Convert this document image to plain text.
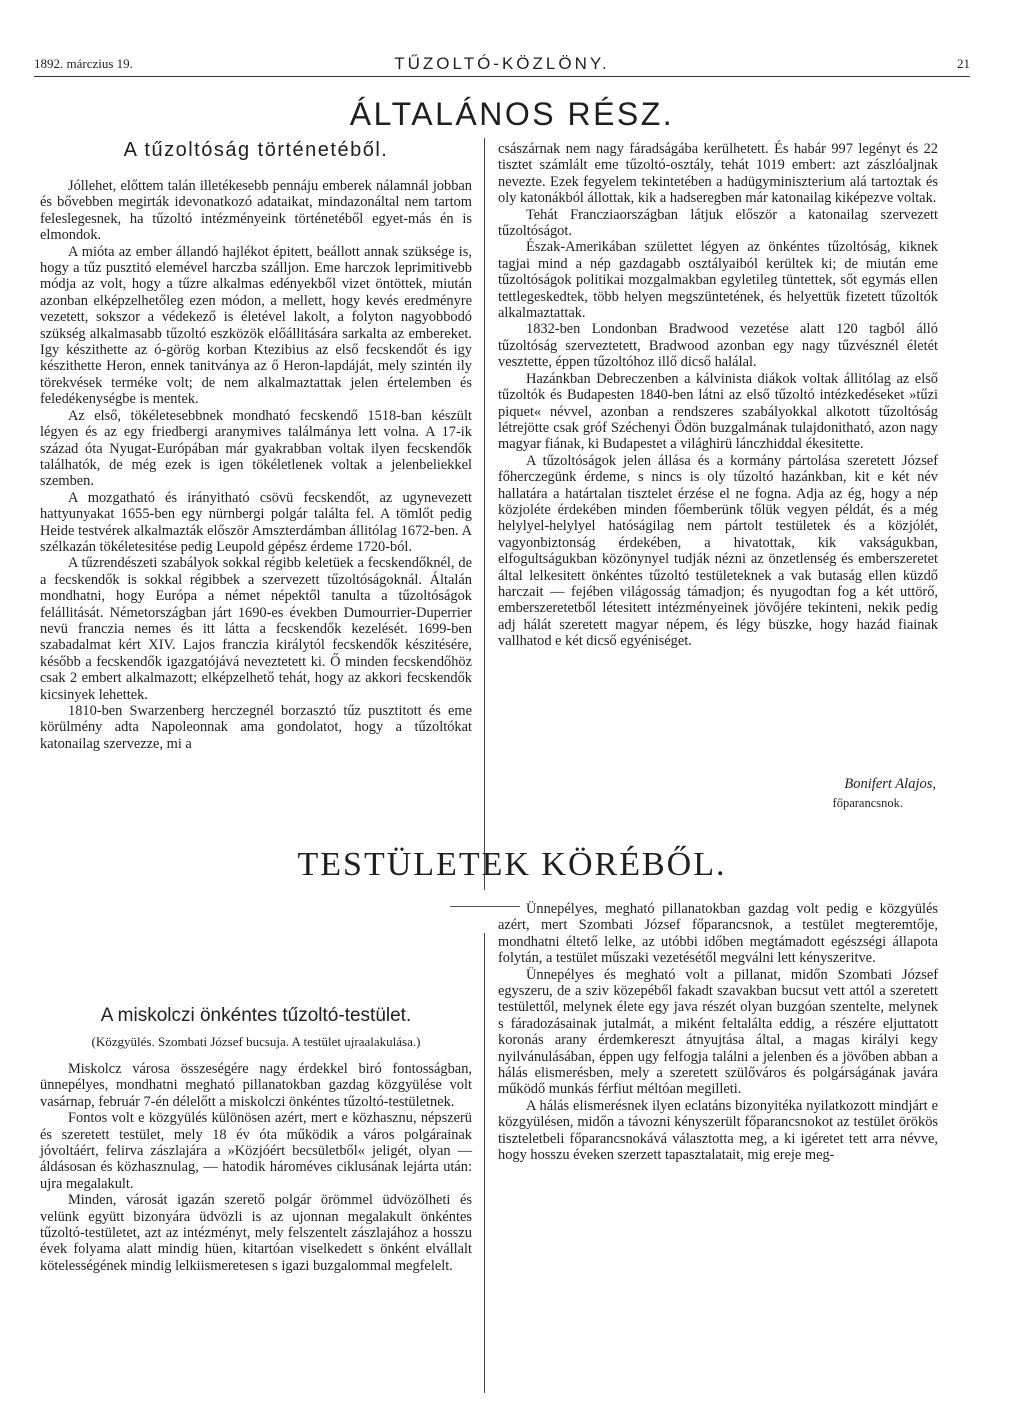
1892. márczius 19.	TŰZOLTÓ-KÖZLÖNY.	21
ÁLTALÁNOS RÉSZ.
A tűzoltóság történetéből.

Jóllehet, előttem talán illetékesebb pennáju emberek nálamnál jobban és bővebben megirták idevonatkozó adataikat, mindazonáltal nem tartom feleslegesnek, ha tűzoltó intézményeink történetéből egyet-más én is elmondok.

A mióta az ember állandó hajlékot épitett, beállott annak szüksége is, hogy a tűz pusztitó elemével harczba szálljon. Eme harczok leprimitivebb módja az volt, hogy a tűzre alkalmas edényekből vizet öntöttek, miután azonban elképzelhetőleg ezen módon, a mellett, hogy kevés eredményre vezetett, sokszor a védekező is életével lakolt, a folyton nagyobbodó szükség alkalmasabb tűzoltó eszközök előállitására sarkalta az embereket. Igy készithette az ó-görög korban Ktezibius az első fecskendőt és igy készithette Heron, ennek tanitványa az ő Heron-lapdáját, mely szintén ily törekvések terméke volt; de nem alkalmaztattak jelen értelemben és feledékenységbe is mentek.

Az első, tökéletesebbnek mondható fecskendő 1518-ban készült légyen és az egy friedbergi aranymives találmánya lett volna. A 17-ik század óta Nyugat-Európában már gyakrabban voltak ilyen fecskendők találhatók, de még ezek is igen tökéletlenek voltak a jelenbeliekkel szemben.

A mozgatható és irányitható csövü fecskendőt, az ugynevezett hattyunyakat 1655-ben egy nürnbergi polgár találta fel. A tömlőt pedig Heide testvérek alkalmazták először Amszterdámban állitólag 1672-ben. A szélkazán tökéletesitése pedig Leupold gépész érdeme 1720-ból.

A tűzrendészeti szabályok sokkal régibb keletüek a fecskendőknél, de a fecskendők is sokkal régibbek a szervezett tűzoltóságoknál. Általán mondhatni, hogy Európa a német népektől tanulta a tűzoltóságok felállitását. Németországban járt 1690-es években Dumourrier-Duperrier nevü franczia nemes és itt látta a fecskendők kezelését. 1699-ben szabadalmat kért XIV. Lajos franczia királytól fecskendők készitésére, később a fecskendők igazgatójává neveztetett ki. Ő minden fecskendőhöz csak 2 embert alkalmazott; elképzelhető tehát, hogy az akkori fecskendők kicsinyek lehettek.

1810-ben Swarzenberg herczegnél borzasztó tűz pusztitott és eme körülmény adta Napoleonnak ama gondolatot, hogy a tűzoltókat katonailag szervezze, mi a

császárnak nem nagy fáradságába kerülhetett. És habár 997 legényt és 22 tisztet számlált eme tűzoltó-osztály, tehát 1019 embert: azt zászlóaljnak nevezte. Ezek fegyelem tekintetében a hadügyminiszterium alá tartoztak és oly katonákból állottak, kik a hadseregben már katonailag kiképezve voltak.

Tehát Francziaországban látjuk először a katonailag szervezett tűzoltóságot.

Észak-Amerikában születtet légyen az önkéntes tűzoltóság, kiknek tagjai mind a nép gazdagabb osztályaiból kerültek ki; de miután eme tűzoltóságok politikai mozgalmakban egyletileg tüntettek, sőt egymás ellen tettlegeskedtek, több helyen megszüntetének, és helyettük fizetett tűzoltók alkalmaztattak.

1832-ben Londonban Bradwood vezetése alatt 120 tagból álló tűzoltóság szerveztetett, Bradwood azonban egy nagy tűzvésznél életét vesztette, éppen tűzoltóhoz illő dicső halálal.

Hazánkban Debreczenben a kálvinista diákok voltak állitólag az első tűzoltók és Budapesten 1840-ben látni az első tűzoltó intézkedéseket »tűzi piquet« névvel, azonban a rendszeres szabályokkal alkotott tűzoltóság létrejötte csak gróf Széchenyi Ödön buzgalmának tulajdonitható, azon nagy magyar fiának, ki Budapestet a világhirü lánczhiddal ékesitette.

A tűzoltóságok jelen állása és a kormány pártolása szeretett József főherczegünk érdeme, s nincs is oly tűzoltó hazánkban, kit e két név hallatára a határtalan tisztelet érzése el ne fogna. Adja az ég, hogy a nép közjoléte érdekében minden főemberünk tőlük vegyen példát, és a még helylyel-helylyel hatóságilag nem pártolt testületek és a közjólét, vagyonbiztonság érdekében, a hivatottak, kik vakságukban, elfogultságukban közönynyel tudják nézni az önzetlenség és emberszeretet által lelkesitett önkéntes tűzoltó testületeknek a vak butaság ellen küzdő harczait — fejében világosság támadjon; és nyugodtan fog a két uttörő, emberszeretetből létesitett intézményeinek jövőjére tekinteni, nekik pedig adj hálát szeretett magyar népem, és légy büszke, hogy hazád fiainak vallhatod e két dicső egyéniséget.

Bonifert Alajos,
főparancsnok.
TESTÜLETEK KÖRÉBŐL.
A miskolczi önkéntes tűzoltó-testület.
(Közgyülés. Szombati József bucsuja. A testület ujraalakulása.)

Miskolcz városa összeségére nagy érdekkel biró fontosságban, ünnepélyes, mondhatni megható pillanatokban gazdag közgyülése volt vasárnap, február 7-én délelőtt a miskolczi önkéntes tűzoltó-testületnek.

Fontos volt e közgyülés különösen azért, mert e közhasznu, népszerü és szeretett testület, mely 18 év óta működik a város polgárainak jóvoltáért, felirva zászlajára a »Közjóért becsületből« jeligét, olyan — áldásosan és közhasznulag, — hatodik hároméves ciklusának lejárta után: ujra megalakult.

Minden, városát igazán szerető polgár örömmel üdvözölheti és velünk együtt bizonyára üdvözli is az ujonnan megalakult önkéntes tűzoltó-testületet, azt az intézményt, mely felszentelt zászlajához a hosszu évek folyama alatt mindig hüen, kitartóan viselkedett s önként elvállalt kötelességének mindig lelkiismeretesen s igazi buzgalommal megfelelt.

Ünnepélyes, megható pillanatokban gazdag volt pedig e közgyülés azért, mert Szombati József főparancsnok, a testület megteremtője, mondhatni éltető lelke, az utóbbi időben megtámadott egészségi állapota folytán, a testület műszaki vezetésétől megválni lett kényszeritve.

Ünnepélyes és megható volt a pillanat, midőn Szombati József egyszeru, de a sziv közepéből fakadt szavakban bucsut vett attól a szeretett testülettől, melynek élete egy java részét olyan buzgóan szentelte, melynek s fáradozásainak jutalmát, a miként feltalálta eddig, a részére eljuttatott koronás arany érdemkereszt átnyujtása által, a magas királyi kegy nyilvánulásában, éppen ugy felfogja találni a jelenben és a jövőben abban a hálás elismerésben, mely a szeretett szülőváros és polgárságának javára működő munkás férfiut méltóan megilleti.

A hálás elismerésnek ilyen eclatáns bizonyitéka nyilatkozott mindjárt e közgyülésen, midőn a távozni kényszerült főparancsnokot az testület örökös tiszteletbeli főparancsnokává választotta meg, a ki igéretet tett arra névve, hogy hosszu éveken szerzett tapasztalatait, mig ereje meg-
